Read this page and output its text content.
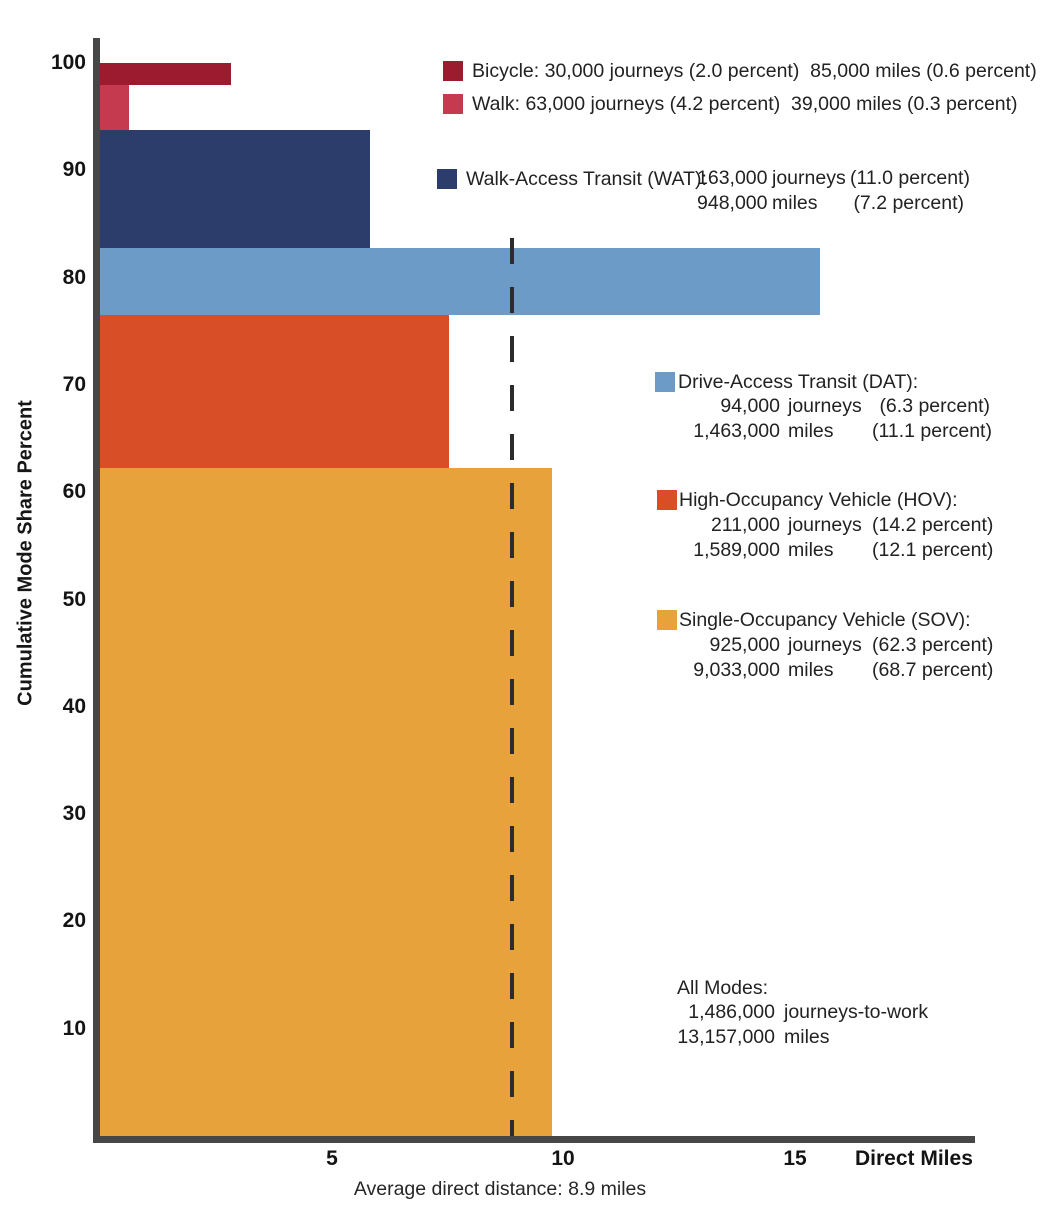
Cumulative Mode Share Percent
Direct Miles
Average direct distance: 8.9 miles
100
90
80
70
60
50
40
30
20
10
5	10	15
Bicycle: 30,000 journeys (2.0 percent)  85,000 miles (0.6 percent)
Walk: 63,000 journeys (4.2 percent)  39,000 miles (0.3 percent)
Walk-Access Transit (WAT):
163,000 journeys (11.0 percent)
948,000 miles (7.2 percent)
Drive-Access Transit (DAT):
94,000 journeys (6.3 percent)
1,463,000 miles (11.1 percent)
High-Occupancy Vehicle (HOV):
211,000 journeys (14.2 percent)
1,589,000 miles (12.1 percent)
Single-Occupancy Vehicle (SOV):
925,000 journeys (62.3 percent)
9,033,000 miles (68.7 percent)
All Modes:
1,486,000 journeys-to-work
13,157,000 miles
